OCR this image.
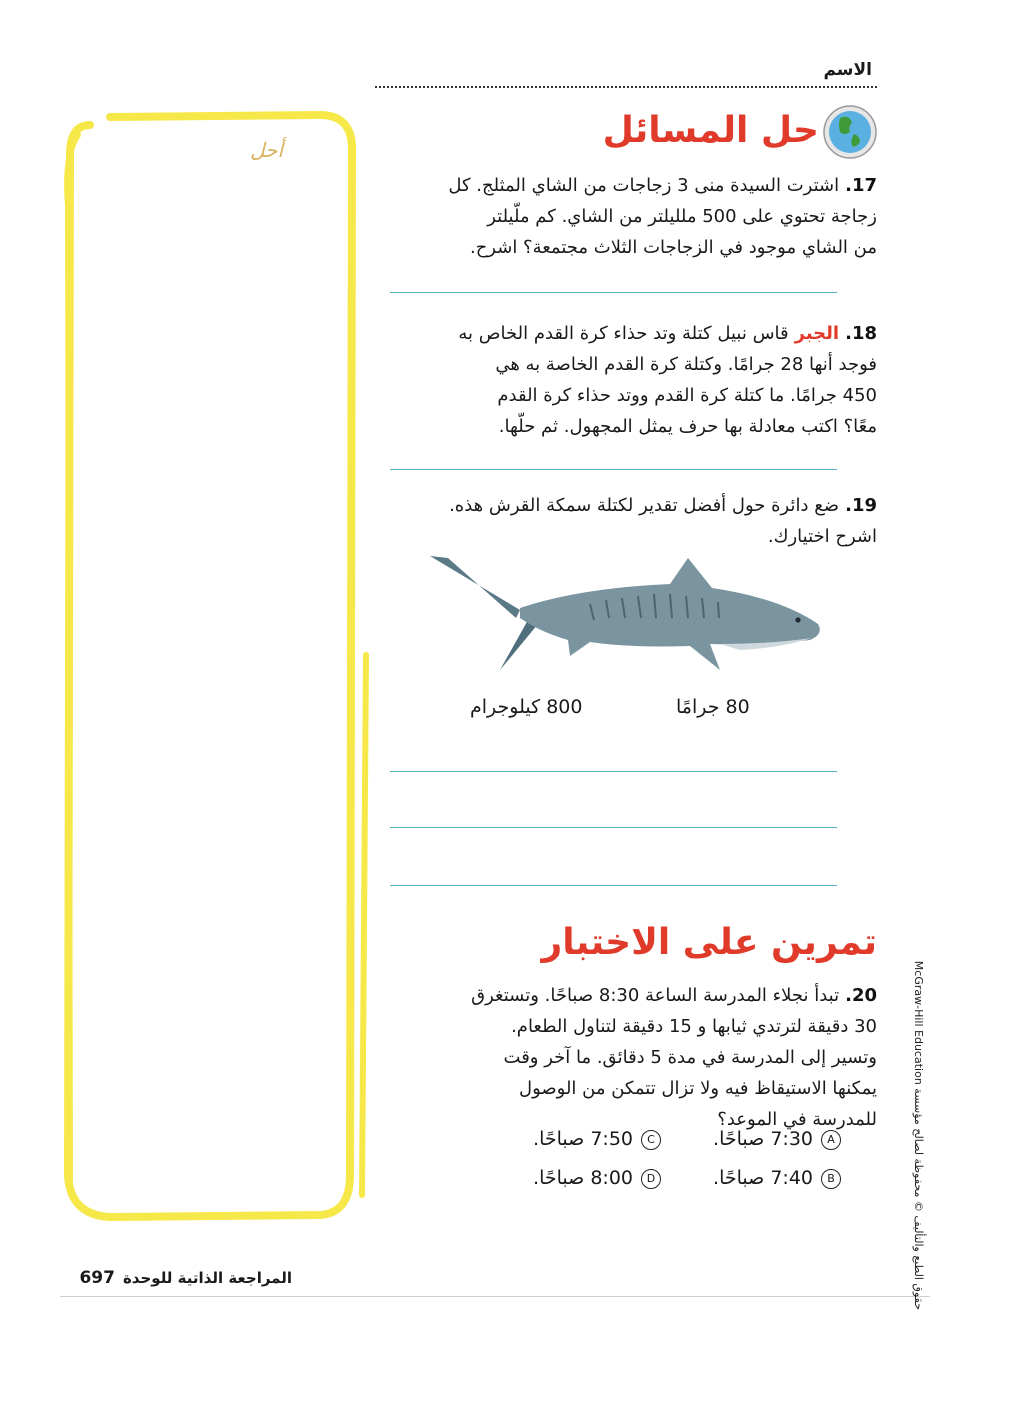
الاسم
حل المسائل
17.اشترت السيدة منى 3 زجاجات من الشاي المثلج. كل
زجاجة تحتوي على 500 ملليلتر من الشاي. كم ملّيلتر
من الشاي موجود في الزجاجات الثلاث مجتمعة؟ اشرح.
18.الجبرقاس نبيل كتلة وتد حذاء كرة القدم الخاص به
فوجد أنها 28 جرامًا. وكتلة كرة القدم الخاصة به هي
450 جرامًا. ما كتلة كرة القدم ووتد حذاء كرة القدم
معًا؟ اكتب معادلة بها حرف يمثل المجهول. ثم حلّها.
19.ضع دائرة حول أفضل تقدير لكتلة سمكة القرش هذه.
اشرح اختيارك.
80 جرامًا
800 كيلوجرام
تمرين على الاختبار
20.تبدأ نجلاء المدرسة الساعة 8:30 صباحًا. وتستغرق
30 دقيقة لترتدي ثيابها و 15 دقيقة لتناول الطعام.
وتسير إلى المدرسة في مدة 5 دقائق. ما آخر وقت
يمكنها الاستيقاظ فيه ولا تزال تتمكن من الوصول
للمدرسة في الموعد؟
A7:30 صباحًا.
C7:50 صباحًا.
B7:40 صباحًا.
D8:00 صباحًا.
أحل
المراجعة الذاتية للوحدة697
حقوق الطبع والتأليف © محفوظة لصالح مؤسسة McGraw-Hill Education
